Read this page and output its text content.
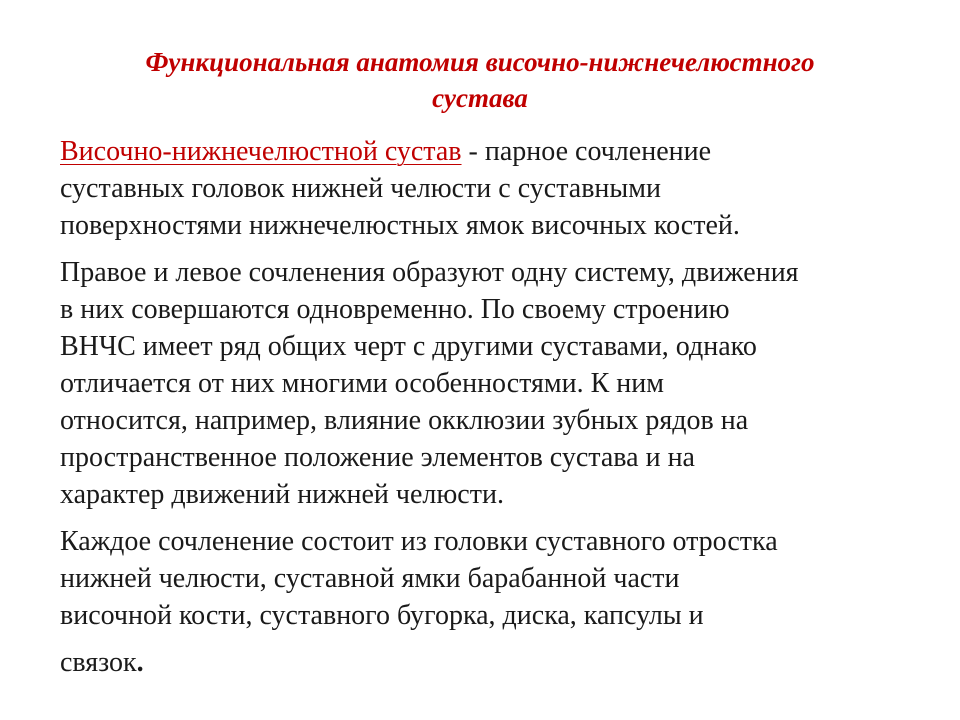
Функциональная анатомия височно-нижнечелюстного
сустава

Височно-нижнечелюстной сустав - парное сочленение
суставных головок нижней челюсти с суставными
поверхностями нижнечелюстных ямок височных костей.

Правое и левое сочленения образуют одну систему, движения
в них совершаются одновременно. По своему строению
ВНЧС имеет ряд общих черт с другими суставами, однако
отличается от них многими особенностями. К ним
относится, например, влияние окклюзии зубных рядов на
пространственное положение элементов сустава и на
характер движений нижней челюсти.

Каждое сочленение состоит из головки суставного отростка
нижней челюсти, суставной ямки барабанной части
височной кости, суставного бугорка, диска, капсулы и
связок.
